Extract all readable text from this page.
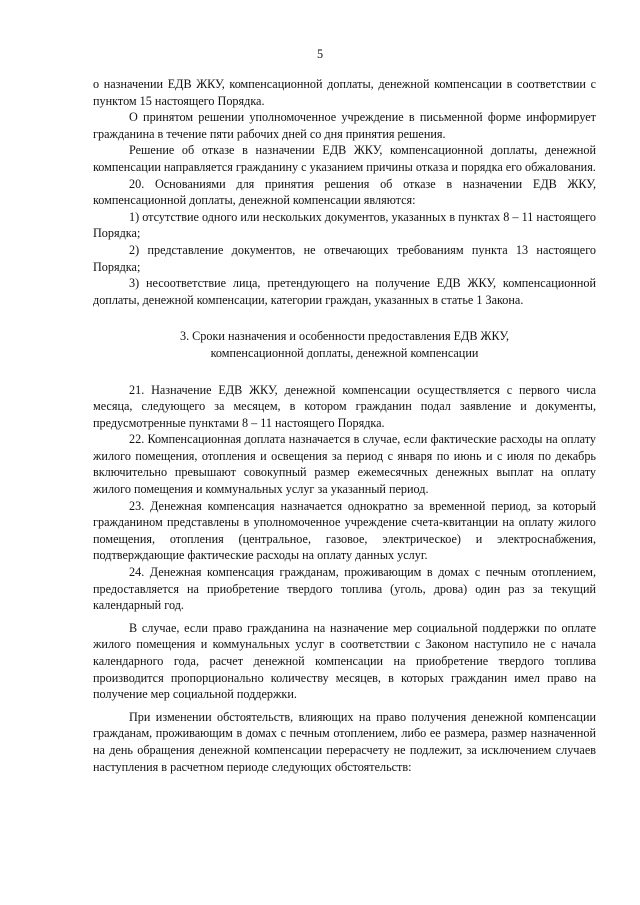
5

о назначении ЕДВ ЖКУ, компенсационной доплаты, денежной компенсации в соответствии с пунктом 15 настоящего Порядка.

О принятом решении уполномоченное учреждение в письменной форме информирует гражданина в течение пяти рабочих дней со дня принятия решения.

Решение об отказе в назначении ЕДВ ЖКУ, компенсационной доплаты, денежной компенсации направляется гражданину с указанием причины отказа и порядка его обжалования.

20. Основаниями для принятия решения об отказе в назначении ЕДВ ЖКУ, компенсационной доплаты, денежной компенсации являются:

1) отсутствие одного или нескольких документов, указанных в пунктах 8 – 11 настоящего Порядка;

2) представление документов, не отвечающих требованиям пункта 13 настоящего Порядка;

3) несоответствие лица, претендующего на получение ЕДВ ЖКУ, компенсационной доплаты, денежной компенсации, категории граждан, указанных в статье 1 Закона.

3. Сроки назначения и особенности предоставления ЕДВ ЖКУ,
компенсационной доплаты, денежной компенсации

21. Назначение ЕДВ ЖКУ, денежной компенсации осуществляется с первого числа месяца, следующего за месяцем, в котором гражданин подал заявление и документы, предусмотренные пунктами 8 – 11 настоящего Порядка.

22. Компенсационная доплата назначается в случае, если фактические расходы на оплату жилого помещения, отопления и освещения за период с января по июнь и с июля по декабрь включительно превышают совокупный размер ежемесячных денежных выплат на оплату жилого помещения и коммунальных услуг за указанный период.

23. Денежная компенсация назначается однократно за временной период, за который гражданином представлены в уполномоченное учреждение счета-квитанции на оплату жилого помещения, отопления (центральное, газовое, электрическое) и электроснабжения, подтверждающие фактические расходы на оплату данных услуг.

24. Денежная компенсация гражданам, проживающим в домах с печным отоплением, предоставляется на приобретение твердого топлива (уголь, дрова) один раз за текущий календарный год.

В случае, если право гражданина на назначение мер социальной поддержки по оплате жилого помещения и коммунальных услуг в соответствии с Законом наступило не с начала календарного года, расчет денежной компенсации на приобретение твердого топлива производится пропорционально количеству месяцев, в которых гражданин имел право на получение мер социальной поддержки.

При изменении обстоятельств, влияющих на право получения денежной компенсации гражданам, проживающим в домах с печным отоплением, либо ее размера, размер назначенной на день обращения денежной компенсации перерасчету не подлежит, за исключением случаев наступления в расчетном периоде следующих обстоятельств:
